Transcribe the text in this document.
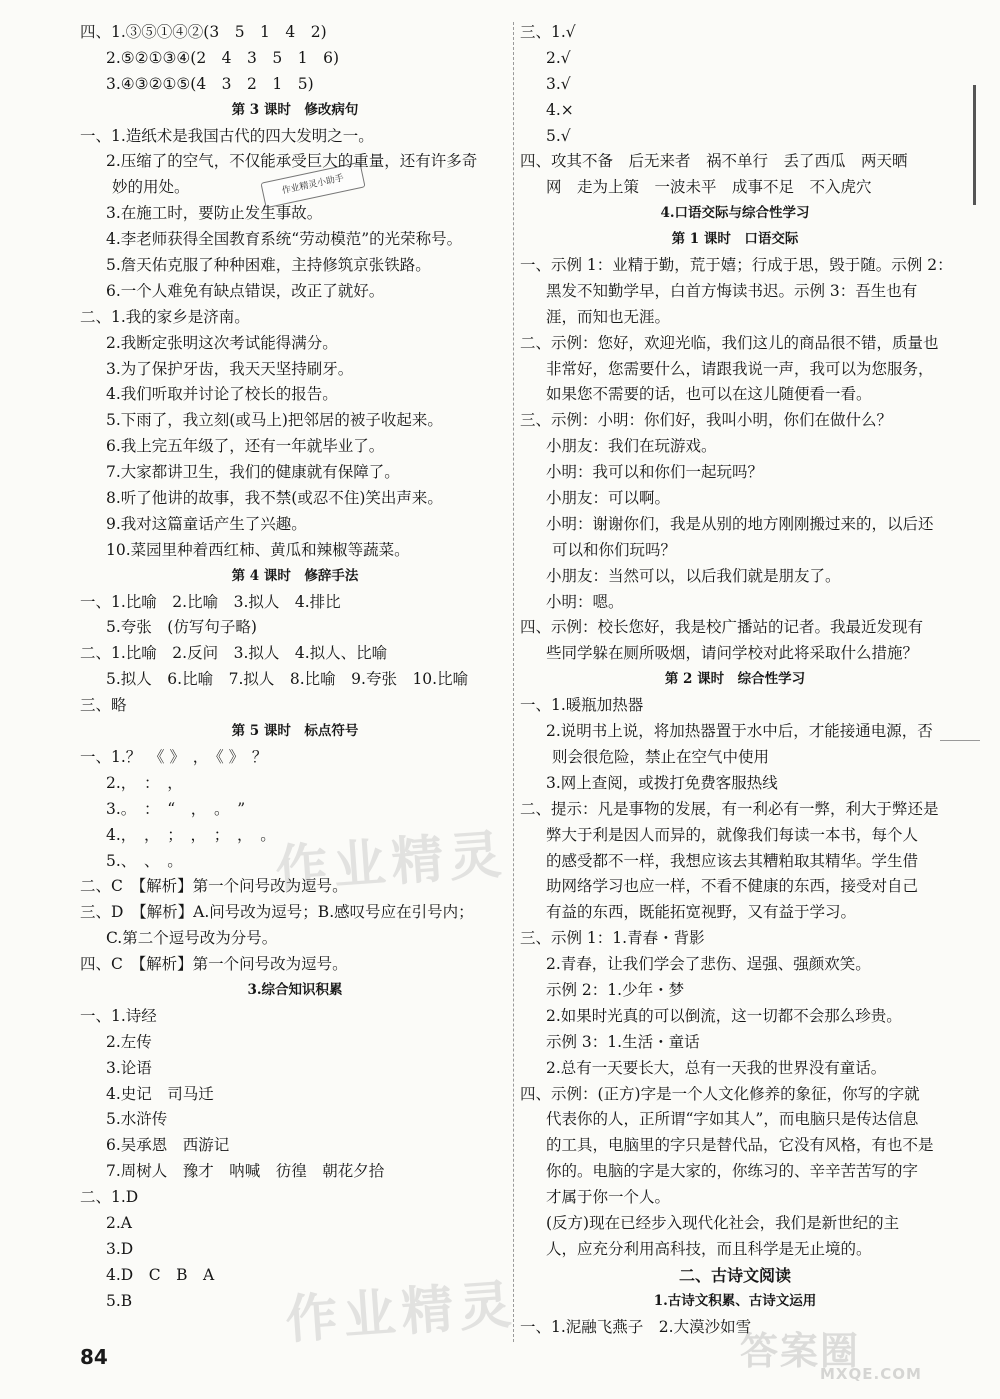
作业精灵
作业精灵	答案圈
MXQE.COM
作业精灵小助手
四、1.③⑤①④②(3　5　1　4　2)
2.⑤②①③④(2　4　3　5　1　6)
3.④③②①⑤(4　3　2　1　5)
第 3 课时　修改病句
一、1.造纸术是我国古代的四大发明之一。
2.压缩了的空气，不仅能承受巨大的重量，还有许多奇
妙的用处。
3.在施工时，要防止发生事故。
4.李老师获得全国教育系统“劳动模范”的光荣称号。
5.詹天佑克服了种种困难，主持修筑京张铁路。
6.一个人难免有缺点错误，改正了就好。
二、1.我的家乡是济南。
2.我断定张明这次考试能得满分。
3.为了保护牙齿，我天天坚持刷牙。
4.我们听取并讨论了校长的报告。
5.下雨了，我立刻(或马上)把邻居的被子收起来。
6.我上完五年级了，还有一年就毕业了。
7.大家都讲卫生，我们的健康就有保障了。
8.听了他讲的故事，我不禁(或忍不住)笑出声来。
9.我对这篇童话产生了兴趣。
10.菜园里种着西红柿、黄瓜和辣椒等蔬菜。
第 4 课时　修辞手法
一、1.比喻　2.比喻　3.拟人　4.排比
5.夸张　(仿写句子略)
二、1.比喻　2.反问　3.拟人　4.拟人、比喻
5.拟人　6.比喻　7.拟人　8.比喻　9.夸张　10.比喻
三、略
第 5 课时　标点符号
一、1.？　《 》　，　《 》　？
2.，　：　，
3.。　：　“　，　。　”
4.，　，　；　，　；　，　。
5.、　、　。
二、C　【解析】第一个问号改为逗号。
三、D　【解析】A.问号改为逗号；B.感叹号应在引号内；
C.第二个逗号改为分号。
四、C　【解析】第一个问号改为逗号。
3.综合知识积累
一、1.诗经
2.左传
3.论语
4.史记　司马迁
5.水浒传
6.吴承恩　西游记
7.周树人　豫才　呐喊　彷徨　朝花夕拾
二、1.D
2.A
3.D
4.D　C　B　A
5.B
三、1.√
2.√
3.√
4.×
5.√
四、攻其不备　后无来者　祸不单行　丢了西瓜　两天晒
网　走为上策　一波未平　成事不足　不入虎穴
4.口语交际与综合性学习
第 1 课时　口语交际
一、示例 1：业精于勤，荒于嬉；行成于思，毁于随。示例 2：
黑发不知勤学早，白首方悔读书迟。示例 3：吾生也有
涯，而知也无涯。
二、示例：您好，欢迎光临，我们这儿的商品很不错，质量也
非常好，您需要什么，请跟我说一声，我可以为您服务，
如果您不需要的话，也可以在这儿随便看一看。
三、示例：小明：你们好，我叫小明，你们在做什么？
小朋友：我们在玩游戏。
小明：我可以和你们一起玩吗？
小朋友：可以啊。
小明：谢谢你们，我是从别的地方刚刚搬过来的，以后还
可以和你们玩吗？
小朋友：当然可以，以后我们就是朋友了。
小明：嗯。
四、示例：校长您好，我是校广播站的记者。我最近发现有
些同学躲在厕所吸烟，请问学校对此将采取什么措施？
第 2 课时　综合性学习
一、1.暖瓶加热器
2.说明书上说，将加热器置于水中后，才能接通电源，否
则会很危险，禁止在空气中使用
3.网上查阅，或拨打免费客服热线
二、提示：凡是事物的发展，有一利必有一弊，利大于弊还是
弊大于利是因人而异的，就像我们每读一本书，每个人
的感受都不一样，我想应该去其糟粕取其精华。学生借
助网络学习也应一样，不看不健康的东西，接受对自己
有益的东西，既能拓宽视野，又有益于学习。
三、示例 1：1.青春・背影
2.青春，让我们学会了悲伤、逞强、强颜欢笑。
示例 2：1.少年・梦
2.如果时光真的可以倒流，这一切都不会那么珍贵。
示例 3：1.生活・童话
2.总有一天要长大，总有一天我的世界没有童话。
四、示例：(正方)字是一个人文化修养的象征，你写的字就
代表你的人，正所谓“字如其人”，而电脑只是传达信息
的工具，电脑里的字只是替代品，它没有风格，有也不是
你的。电脑的字是大家的，你练习的、辛辛苦苦写的字
才属于你一个人。
(反方)现在已经步入现代化社会，我们是新世纪的主
人，应充分利用高科技，而且科学是无止境的。
二、古诗文阅读
1.古诗文积累、古诗文运用
一、1.泥融飞燕子　2.大漠沙如雪
84
